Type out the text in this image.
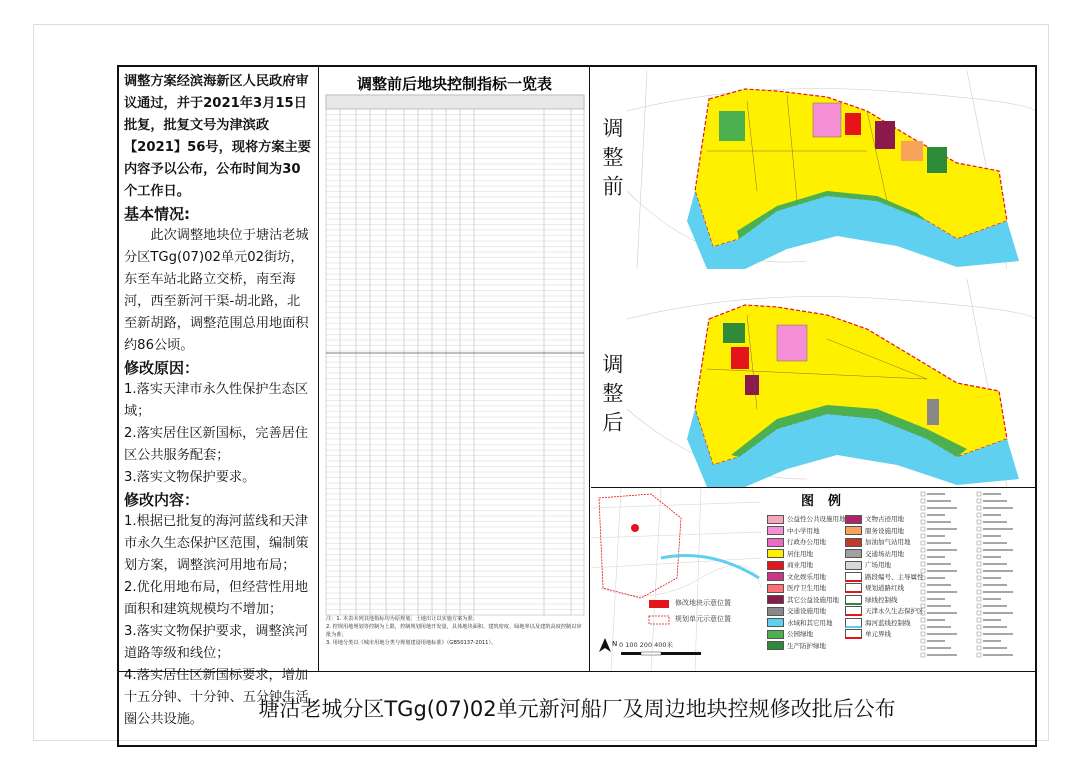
调整方案经滨海新区人民政府审议通过，并于2021年3月15日批复，批复文号为津滨政【2021】56号，现将方案主要内容予以公布，公布时间为30个工作日。

基本情况:

此次调整地块位于塘沽老城分区TGg(07)02单元02街坊，东至车站北路立交桥，南至海河，西至新河干渠-胡北路，北至新胡路，调整范围总用地面积约86公顷。

修改原因：

1.落实天津市永久性保护生态区域；

2.落实居住区新国标，完善居住区公共服务配套；

3.落实文物保护要求。

修改内容：

1.根据已批复的海河蓝线和天津市永久生态保护区范围，编制策划方案，调整滨河用地布局；

2.优化用地布局，但经营性用地面积和建筑规模均不增加；

3.落实文物保护要求，调整滨河道路等级和线位；

4.落实居住区新国标要求，增加十五分钟、十分钟、五分钟生活圈公共设施。

调整前后地块控制指标一览表
注：1. 本表未列其他指标均为原规划；土地出让以实施方案为准；
2. 控规用地规划等控制为上限，控制规划用地开发量，具体地块面积、建筑密度、绿地率以及建筑高度控制以审批为准；
3. 用地分类以《城市用地分类与规划建设用地标准》（GB50137-2011）。
调整前
调整后
N
修改地块示意位置
规划单元示意位置
0 100 200 400米
图例
公益性公共设施用地
中小学用地
行政办公用地
居住用地
商业用地
文化娱乐用地
医疗卫生用地
其它公益设施用地
交通设施用地
水域和其它用地
公园绿地
生产防护绿地
文物古迹用地
服务设施用地
加油加气站用地
交通场站用地
广场用地
路段编号、主导属性
规划道路红线
绿线控制线
天津永久生态保护区
海河蓝线控制线
单元界线
塘沽老城分区TGg(07)02单元新河船厂及周边地块控规修改批后公布
